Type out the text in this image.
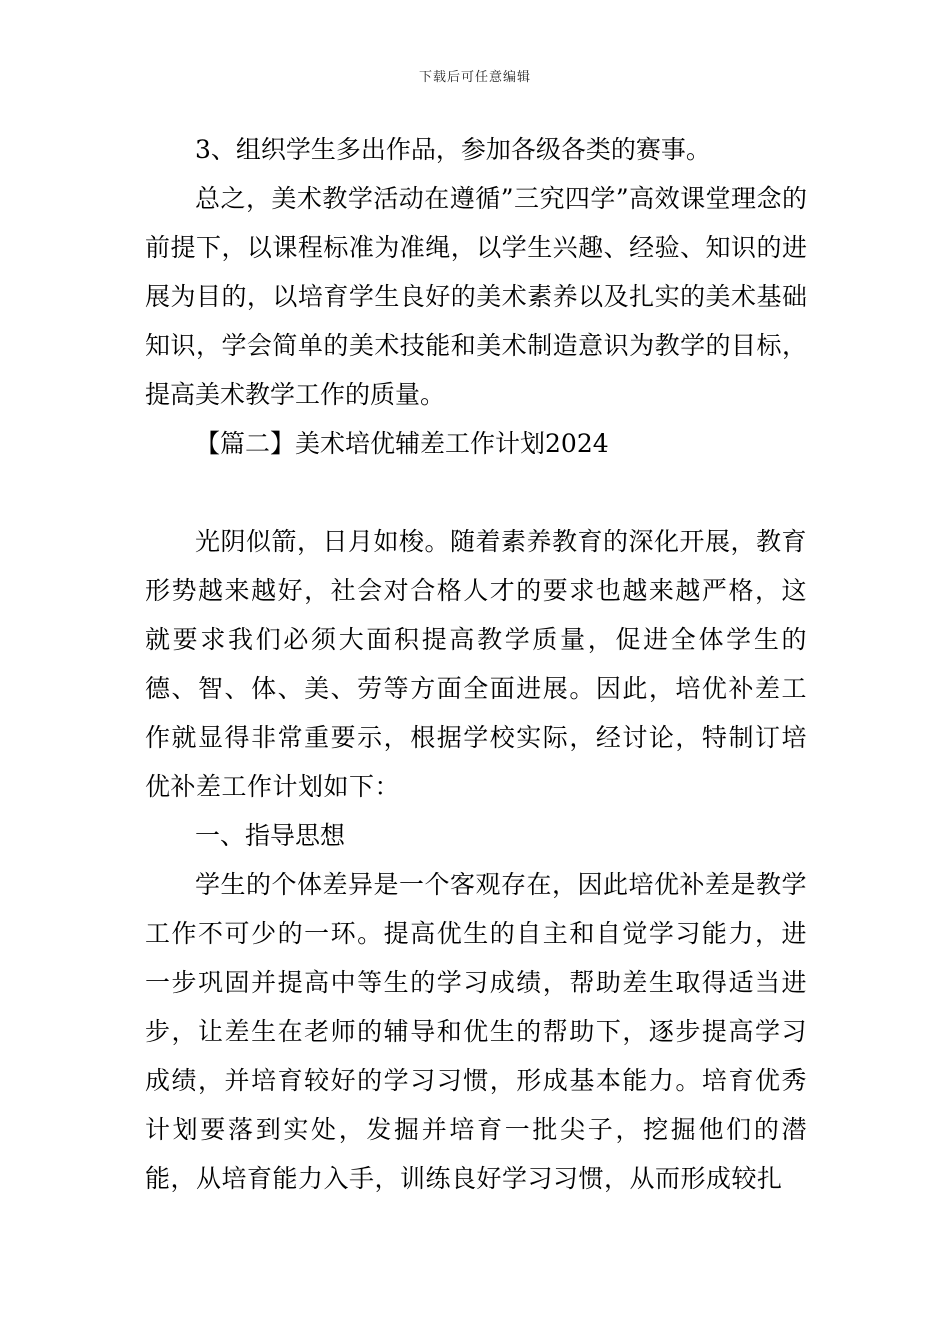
下载后可任意编辑

3、组织学生多出作品，参加各级各类的赛事。

总之，美术教学活动在遵循”三究四学”高效课堂理念的前提下，以课程标准为准绳，以学生兴趣、经验、知识的进展为目的，以培育学生良好的美术素养以及扎实的美术基础知识，学会简单的美术技能和美术制造意识为教学的目标，提高美术教学工作的质量。

【篇二】美术培优辅差工作计划2024

光阴似箭，日月如梭。随着素养教育的深化开展，教育形势越来越好，社会对合格人才的要求也越来越严格，这就要求我们必须大面积提高教学质量，促进全体学生的德、智、体、美、劳等方面全面进展。因此，培优补差工作就显得非常重要示，根据学校实际，经讨论，特制订培优补差工作计划如下：

一、指导思想

学生的个体差异是一个客观存在，因此培优补差是教学工作不可少的一环。提高优生的自主和自觉学习能力，进一步巩固并提高中等生的学习成绩，帮助差生取得适当进步，让差生在老师的辅导和优生的帮助下，逐步提高学习成绩，并培育较好的学习习惯，形成基本能力。培育优秀计划要落到实处，发掘并培育一批尖子，挖掘他们的潜能，从培育能力入手，训练良好学习习惯，从而形成较扎
